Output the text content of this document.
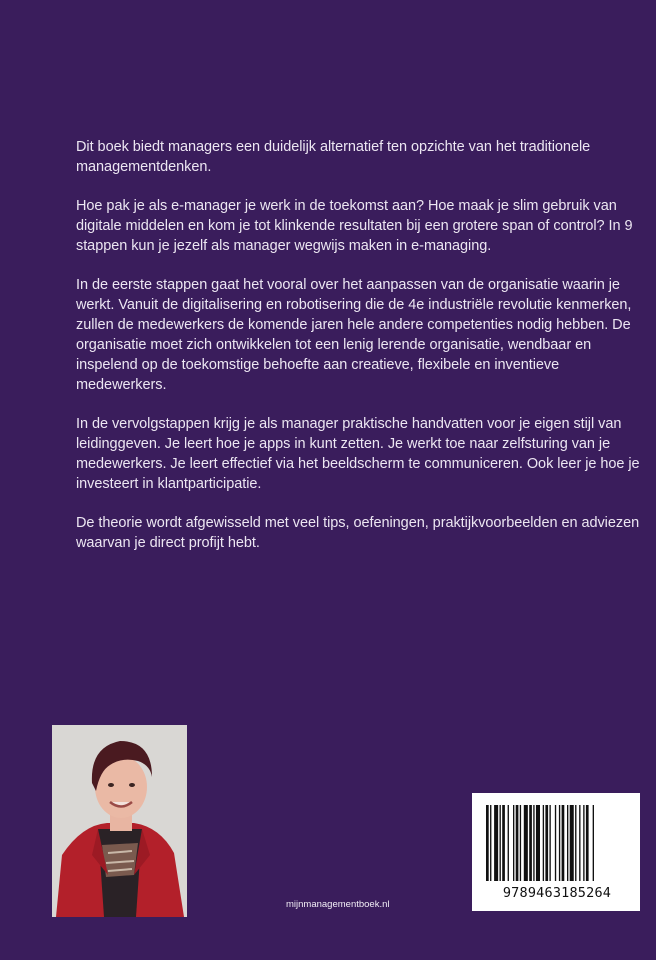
Dit boek biedt managers een duidelijk alternatief ten opzichte van het traditionele managementdenken.

Hoe pak je als e-manager je werk in de toekomst aan? Hoe maak je slim gebruik van digitale middelen en kom je tot klinkende resultaten bij een grotere span of control? In 9 stappen kun je jezelf als manager wegwijs maken in e-managing.

In de eerste stappen gaat het vooral over het aanpassen van de organisatie waarin je werkt. Vanuit de digitalisering en robotisering die de 4e industriële revolutie kenmerken, zullen de medewerkers de komende jaren hele andere competenties nodig hebben. De organisatie moet zich ontwikkelen tot een lenig lerende organisatie, wendbaar en inspelend op de toekomstige behoefte aan creatieve, flexibele en inventieve medewerkers.

In de vervolgstappen krijg je als manager praktische handvatten voor je eigen stijl van leidinggeven. Je leert hoe je apps in kunt zetten. Je werkt toe naar zelfsturing van je medewerkers. Je leert effectief via het beeldscherm te communiceren. Ook leer je hoe je investeert in klantparticipatie.

De theorie wordt afgewisseld met veel tips, oefeningen, praktijkvoorbeelden en adviezen waarvan je direct profijt hebt.

mijnmanagementboek.nl
9789463185264
